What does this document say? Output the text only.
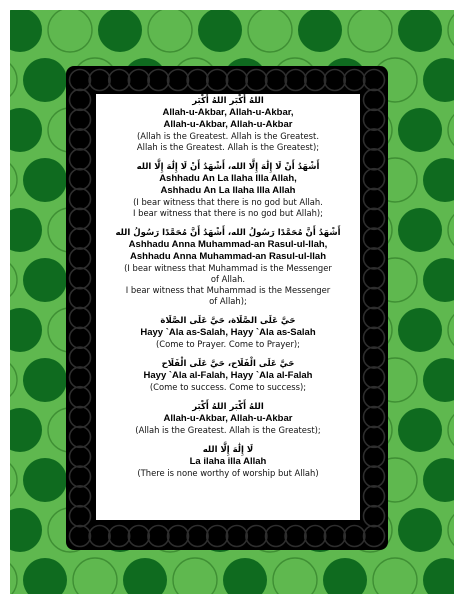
اللهُ أَكْبَر اللهُ أَكْبَر
Allah-u-Akbar, Allah-u-Akbar,
Allah-u-Akbar, Allah-u-Akbar
(Allah is the Greatest. Allah is the Greatest.
Allah is the Greatest. Allah is the Greatest);
أَشْهَدُ أَنْ لَا إِلَٰهَ إِلَّا الله، أَشْهَدُ أَنْ لَا إِلَٰهَ إِلَّا الله
Ashhadu An La Ilaha Illa Allah,
Ashhadu An La Ilaha Illa Allah
(I bear witness that there is no god but Allah.
I bear witness that there is no god but Allah);
أَشْهَدُ أَنَّ مُحَمَّدًا رَسُولُ الله، أَشْهَدُ أَنَّ مُحَمَّدًا رَسُولُ الله
Ashhadu Anna Muhammad-an Rasul-ul-llah,
Ashhadu Anna Muhammad-an Rasul-ul-llah
(I bear witness that Muhammad is the Messenger
of Allah.
I bear witness that Muhammad is the Messenger
of Allah);
حَيَّ عَلَى الصَّلَاة، حَيَّ عَلَى الصَّلَاة
Hayy `Ala as-Salah, Hayy `Ala as-Salah
(Come to Prayer. Come to Prayer);
حَيَّ عَلَى الْفَلَاح، حَيَّ عَلَى الْفَلَاح
Hayy `Ala al-Falah, Hayy `Ala al-Falah
(Come to success. Come to success);
اللهُ أَكْبَر اللهُ أَكْبَر
Allah-u-Akbar, Allah-u-Akbar
(Allah is the Greatest. Allah is the Greatest);
لَا إِلَٰهَ إِلَّا الله
La ilaha illa Allah
(There is none worthy of worship but Allah)
